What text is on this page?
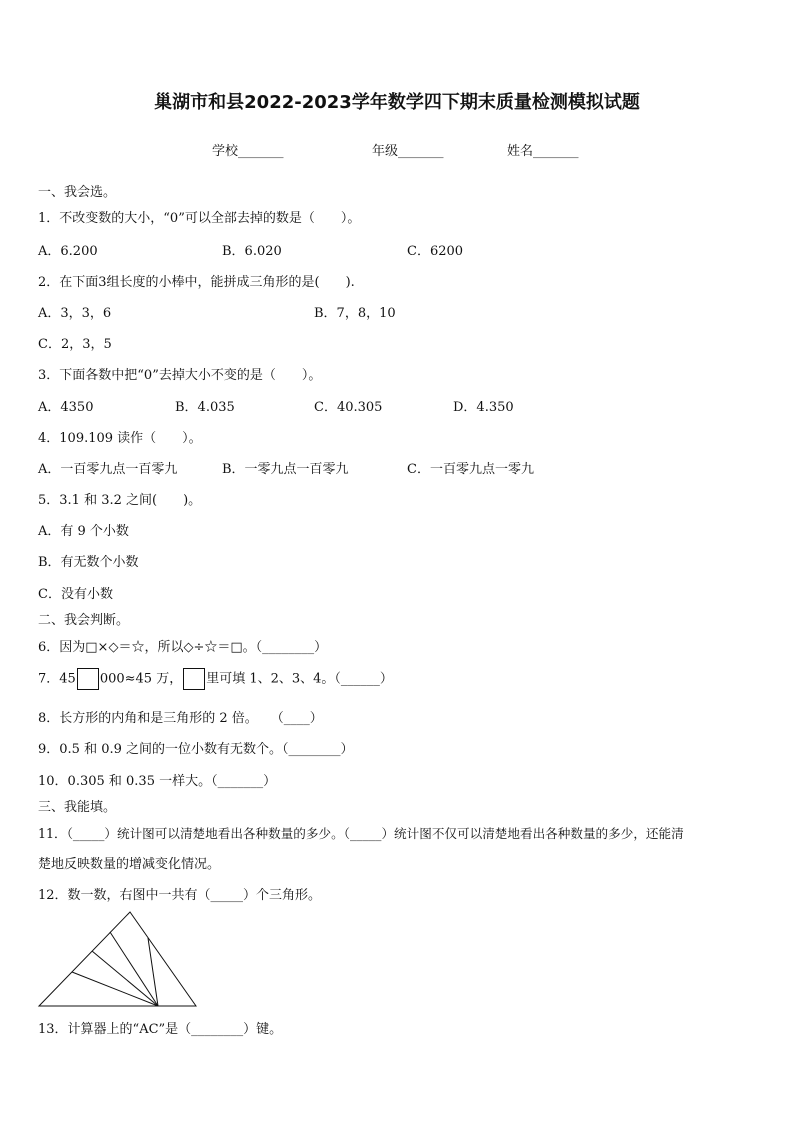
巢湖市和县2022-2023学年数学四下期末质量检测模拟试题
学校_______	年级_______	姓名_______
一、我会选。
1．不改变数的大小，“0”可以全部去掉的数是（　　）。
A．6.200	B．6.020	C．6200
2．在下面3组长度的小棒中，能拼成三角形的是(　　).
A．3，3，6	B．7，8，10
C．2，3，5
3．下面各数中把“0”去掉大小不变的是（　　）。
A．4350	B．4.035	C．40.305	D．4.350
4．109.109 读作（　　）。
A．一百零九点一百零九	B．一零九点一百零九	C．一百零九点一零九
5．3.1 和 3.2 之间(　　)。
A．有 9 个小数
B．有无数个小数
C．没有小数
二、我会判断。
6．因为□×◇＝☆，所以◇÷☆＝□。（________）
7．45 000≈45 万， 里可填 1、2、3、4。（______）
8．长方形的内角和是三角形的 2 倍。　　（____）
9．0.5 和 0.9 之间的一位小数有无数个。（________）
10．0.305 和 0.35 一样大。（_______）
三、我能填。
11．（_____）统计图可以清楚地看出各种数量的多少。（_____）统计图不仅可以清楚地看出各种数量的多少，还能清
楚地反映数量的增减变化情况。
12．数一数，右图中一共有（_____）个三角形。
13．计算器上的“AC”是（________）键。
